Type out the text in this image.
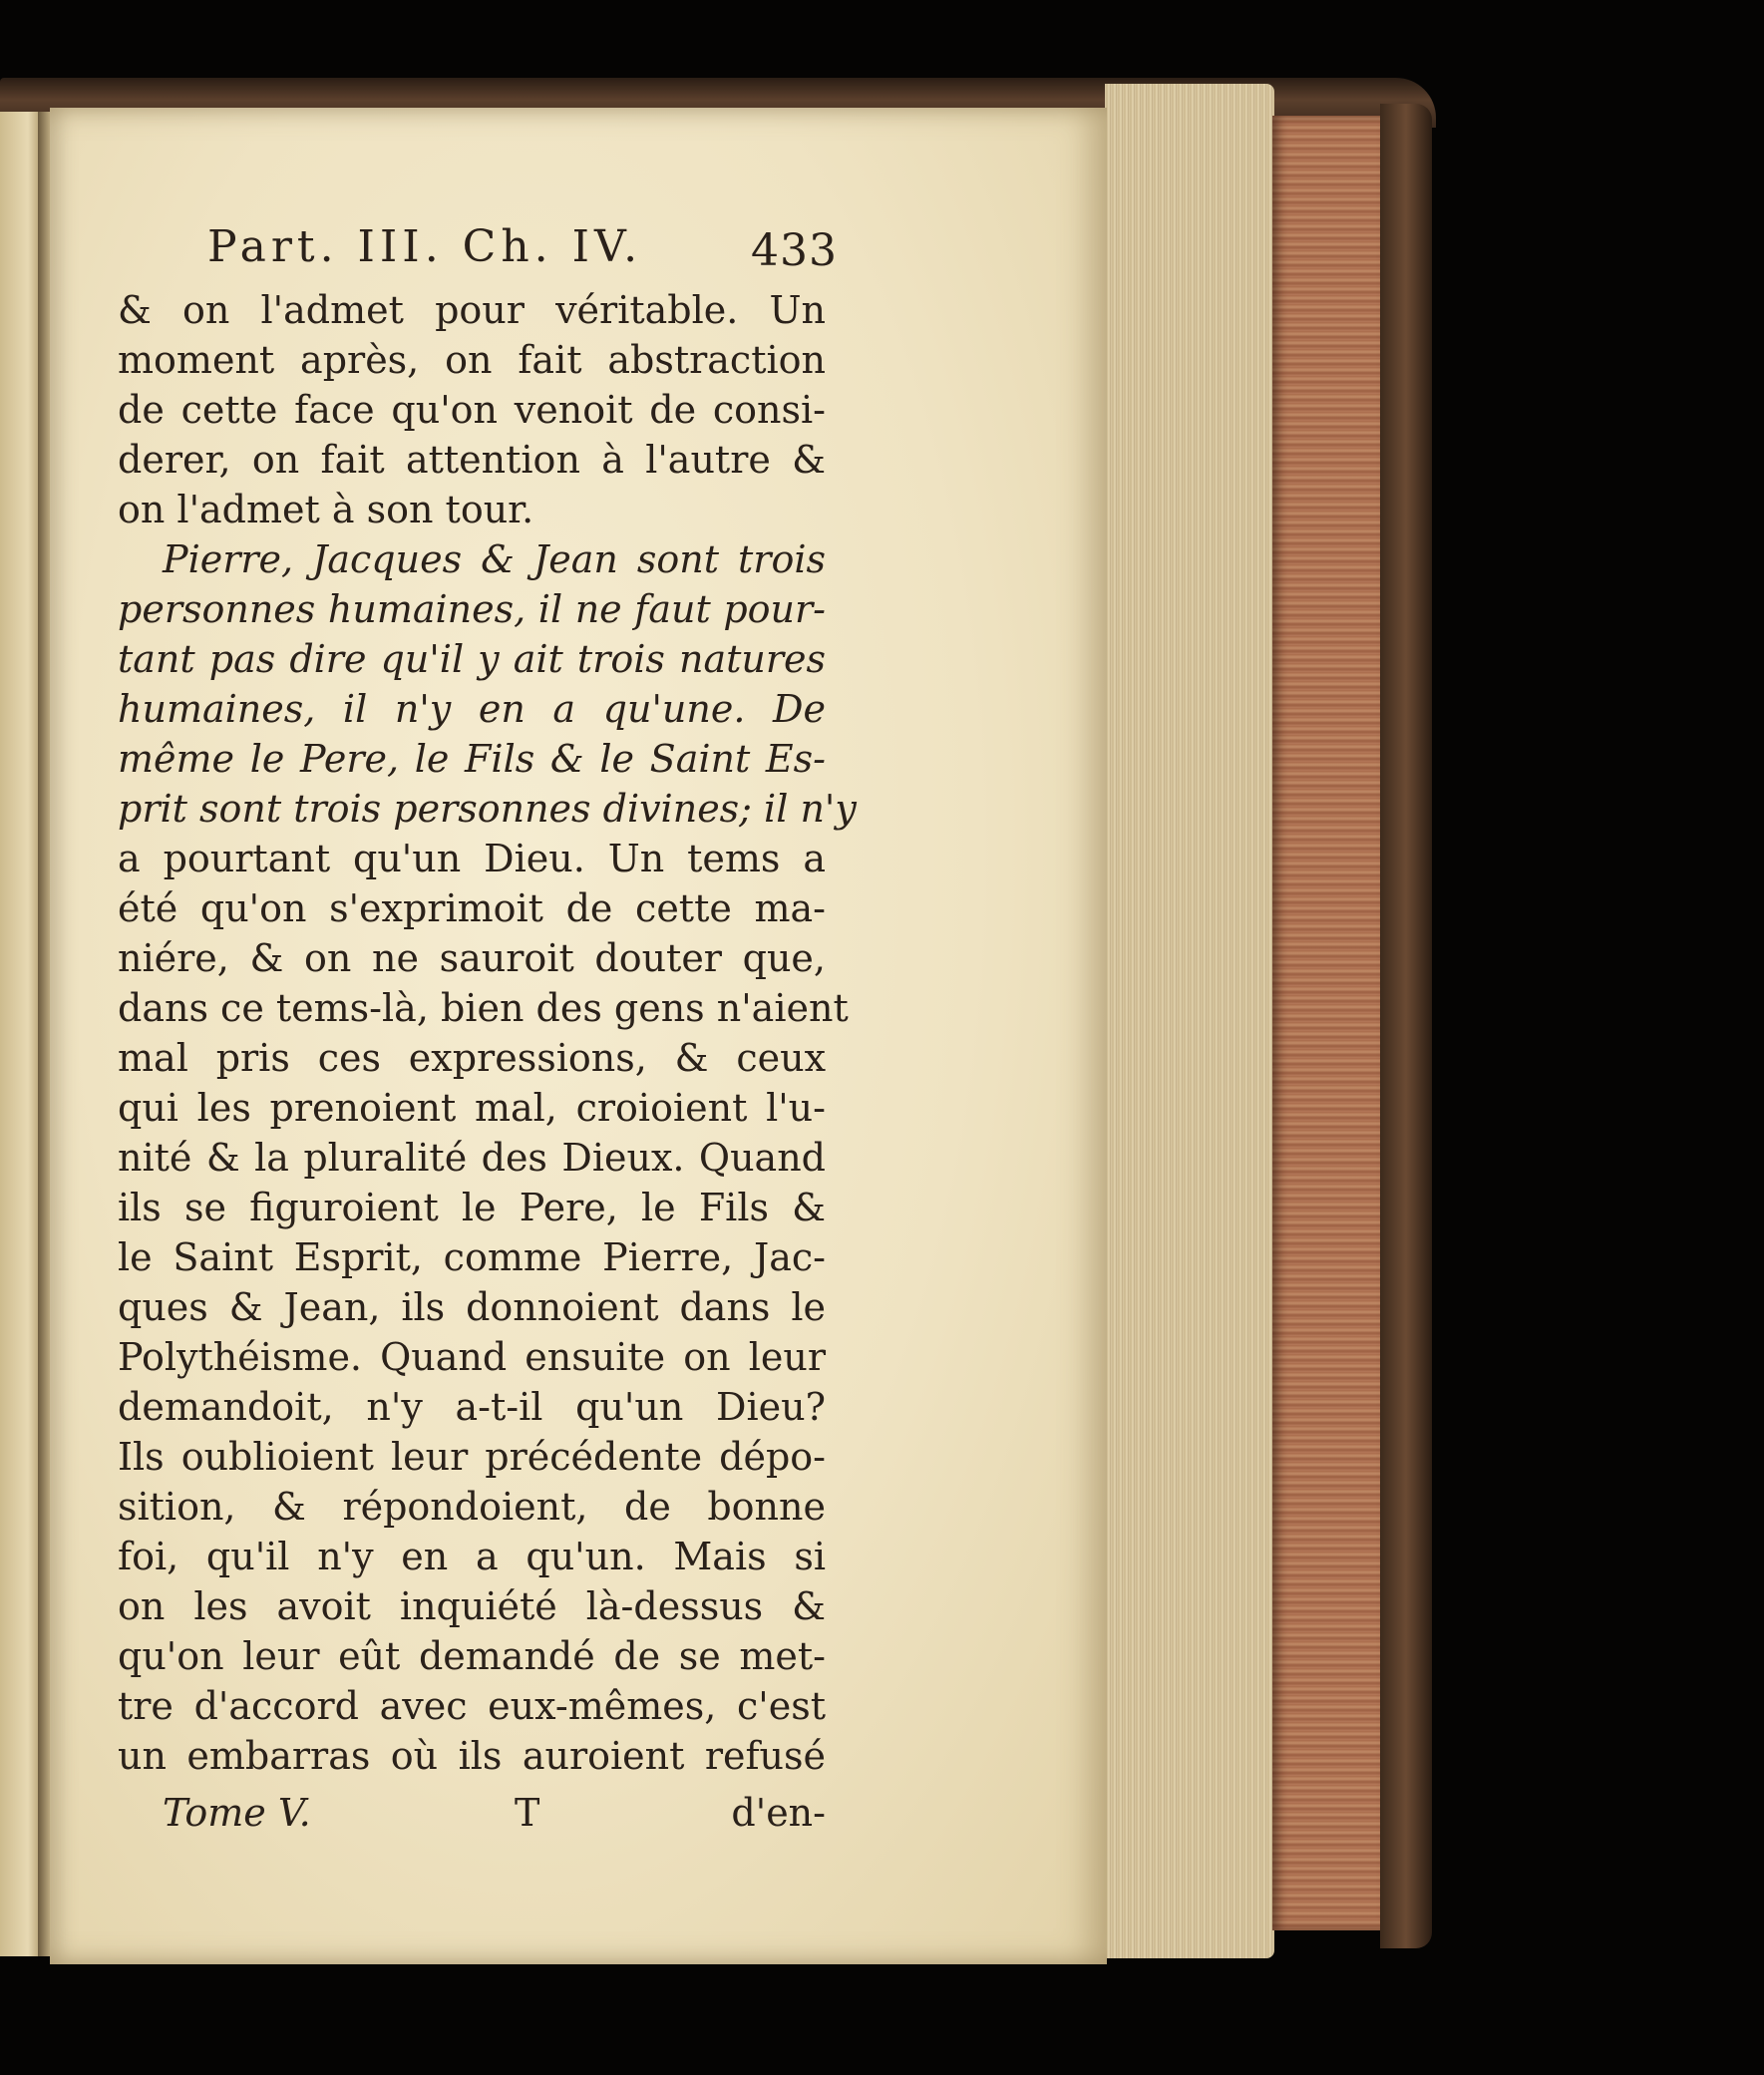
Part. III. Ch. IV. 433
& on l'admet pour véritable. Un
moment après, on fait abstraction
de cette face qu'on venoit de consi-
derer, on fait attention à l'autre &
on l'admet à son tour.
Pierre, Jacques & Jean sont trois
personnes humaines, il ne faut pour-
tant pas dire qu'il y ait trois natures
humaines, il n'y en a qu'une. De
même le Pere, le Fils & le Saint Es-
prit sont trois personnes divines; il n'y
a pourtant qu'un Dieu. Un tems a
été qu'on s'exprimoit de cette ma-
niére, & on ne sauroit douter que,
dans ce tems-là, bien des gens n'aient
mal pris ces expressions, & ceux
qui les prenoient mal, croioient l'u-
nité & la pluralité des Dieux. Quand
ils se figuroient le Pere, le Fils &
le Saint Esprit, comme Pierre, Jac-
ques & Jean, ils donnoient dans le
Polythéisme. Quand ensuite on leur
demandoit, n'y a-t-il qu'un Dieu?
Ils oublioient leur précédente dépo-
sition, & répondoient, de bonne
foi, qu'il n'y en a qu'un. Mais si
on les avoit inquiété là-dessus &
qu'on leur eût demandé de se met-
tre d'accord avec eux-mêmes, c'est
un embarras où ils auroient refusé
Tome V.	T	d'en-
